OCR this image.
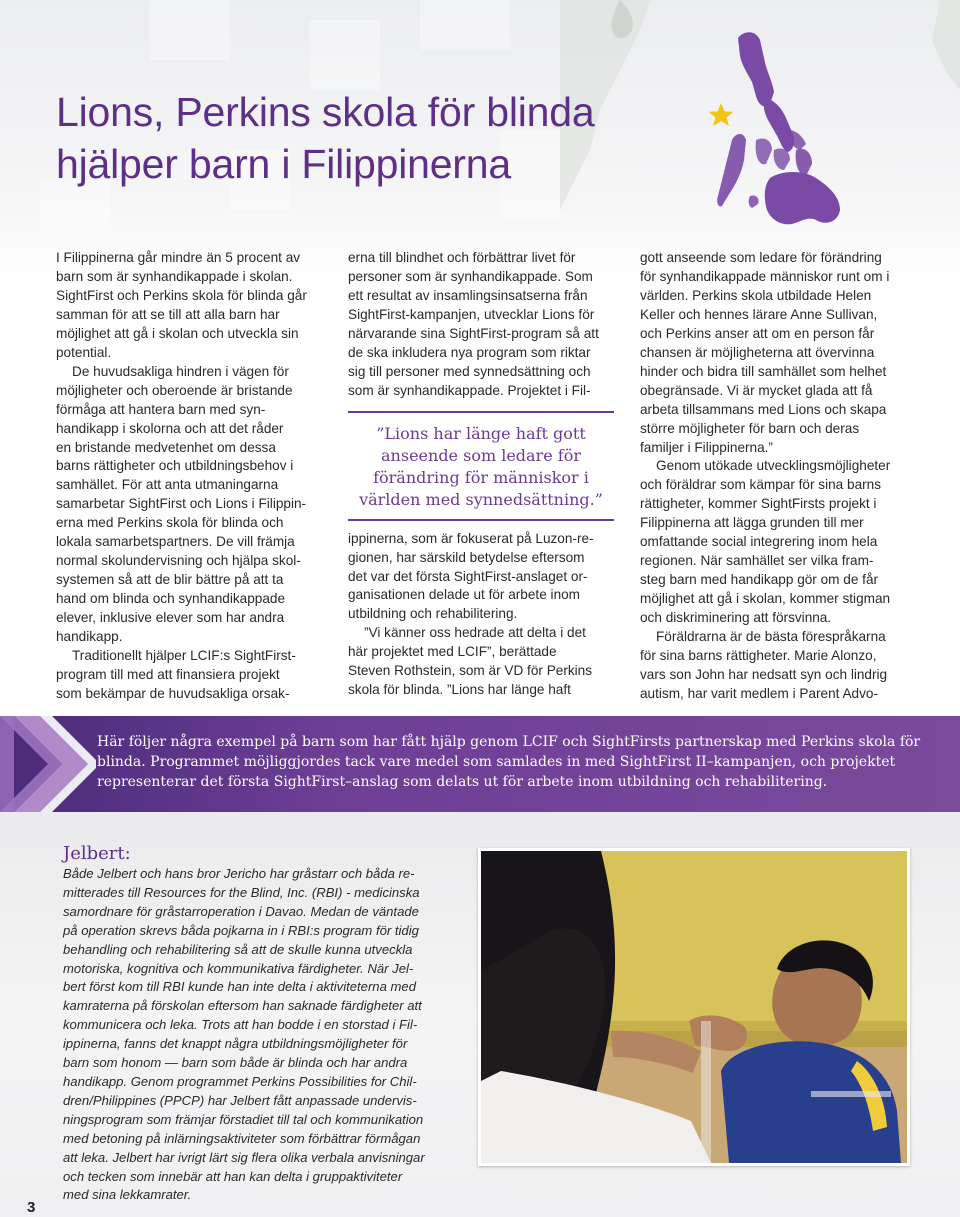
Lions, Perkins skola för blinda
hjälper barn i Filippinerna

I Filippinerna går mindre än 5 procent av

barn som är synhandikappade i skolan.

SightFirst och Perkins skola för blinda går

samman för att se till att alla barn har

möjlighet att gå i skolan och utveckla sin

potential.

De huvudsakliga hindren i vägen för

möjligheter och oberoende är bristande

förmåga att hantera barn med syn-

handikapp i skolorna och att det råder

en bristande medvetenhet om dessa

barns rättigheter och utbildningsbehov i

samhället. För att anta utmaningarna

samarbetar SightFirst och Lions i Filippin-

erna med Perkins skola för blinda och

lokala samarbetspartners. De vill främja

normal skolundervisning och hjälpa skol-

systemen så att de blir bättre på att ta

hand om blinda och synhandikappade

elever, inklusive elever som har andra

handikapp.

Traditionellt hjälper LCIF:s SightFirst-

program till med att finansiera projekt

som bekämpar de huvudsakliga orsak-

erna till blindhet och förbättrar livet för

personer som är synhandikappade. Som

ett resultat av insamlingsinsatserna från

SightFirst-kampanjen, utvecklar Lions för

närvarande sina SightFirst-program så att

de ska inkludera nya program som riktar

sig till personer med synnedsättning och

som är synhandikappade. Projektet i Fil-

”Lions har länge haft gott
anseende som ledare för
förändring för människor i
världen med synnedsättning.”

ippinerna, som är fokuserat på Luzon-re-

gionen, har särskild betydelse eftersom

det var det första SightFirst-anslaget or-

ganisationen delade ut för arbete inom

utbildning och rehabilitering.

”Vi känner oss hedrade att delta i det

här projektet med LCIF”, berättade

Steven Rothstein, som är VD för Perkins

skola för blinda. ”Lions har länge haft

gott anseende som ledare för förändring

för synhandikappade människor runt om i

världen. Perkins skola utbildade Helen

Keller och hennes lärare Anne Sullivan,

och Perkins anser att om en person får

chansen är möjligheterna att övervinna

hinder och bidra till samhället som helhet

obegränsade. Vi är mycket glada att få

arbeta tillsammans med Lions och skapa

större möjligheter för barn och deras

familjer i Filippinerna.”

Genom utökade utvecklingsmöjligheter

och föräldrar som kämpar för sina barns

rättigheter, kommer SightFirsts projekt i

Filippinerna att lägga grunden till mer

omfattande social integrering inom hela

regionen. När samhället ser vilka fram-

steg barn med handikapp gör om de får

möjlighet att gå i skolan, kommer stigman

och diskriminering att försvinna.

Föräldrarna är de bästa förespråkarna

för sina barns rättigheter. Marie Alonzo,

vars son John har nedsatt syn och lindrig

autism, har varit medlem i Parent Advo-

Här följer några exempel på barn som har fått hjälp genom LCIF och SightFirsts partnerskap med Perkins skola för
blinda. Programmet möjliggjordes tack vare medel som samlades in med SightFirst II–kampanjen, och projektet
representerar det första SightFirst–anslag som delats ut för arbete inom utbildning och rehabilitering.
Jelbert:
Både Jelbert och hans bror Jericho har gråstarr och båda re-
mitterades till Resources for the Blind, Inc. (RBI) - medicinska
samordnare för gråstarroperation i Davao. Medan de väntade
på operation skrevs båda pojkarna in i RBI:s program för tidig
behandling och rehabilitering så att de skulle kunna utveckla
motoriska, kognitiva och kommunikativa färdigheter. När Jel-
bert först kom till RBI kunde han inte delta i aktiviteterna med
kamraterna på förskolan eftersom han saknade färdigheter att
kommunicera och leka. Trots att han bodde i en storstad i Fil-
ippinerna, fanns det knappt några utbildningsmöjligheter för
barn som honom — barn som både är blinda och har andra
handikapp. Genom programmet Perkins Possibilities for Chil-
dren/Philippines (PPCP) har Jelbert fått anpassade undervis-
ningsprogram som främjar förstadiet till tal och kommunikation
med betoning på inlärningsaktiviteter som förbättrar förmågan
att leka. Jelbert har ivrigt lärt sig flera olika verbala anvisningar
och tecken som innebär att han kan delta i gruppaktiviteter
med sina lekkamrater.
3
